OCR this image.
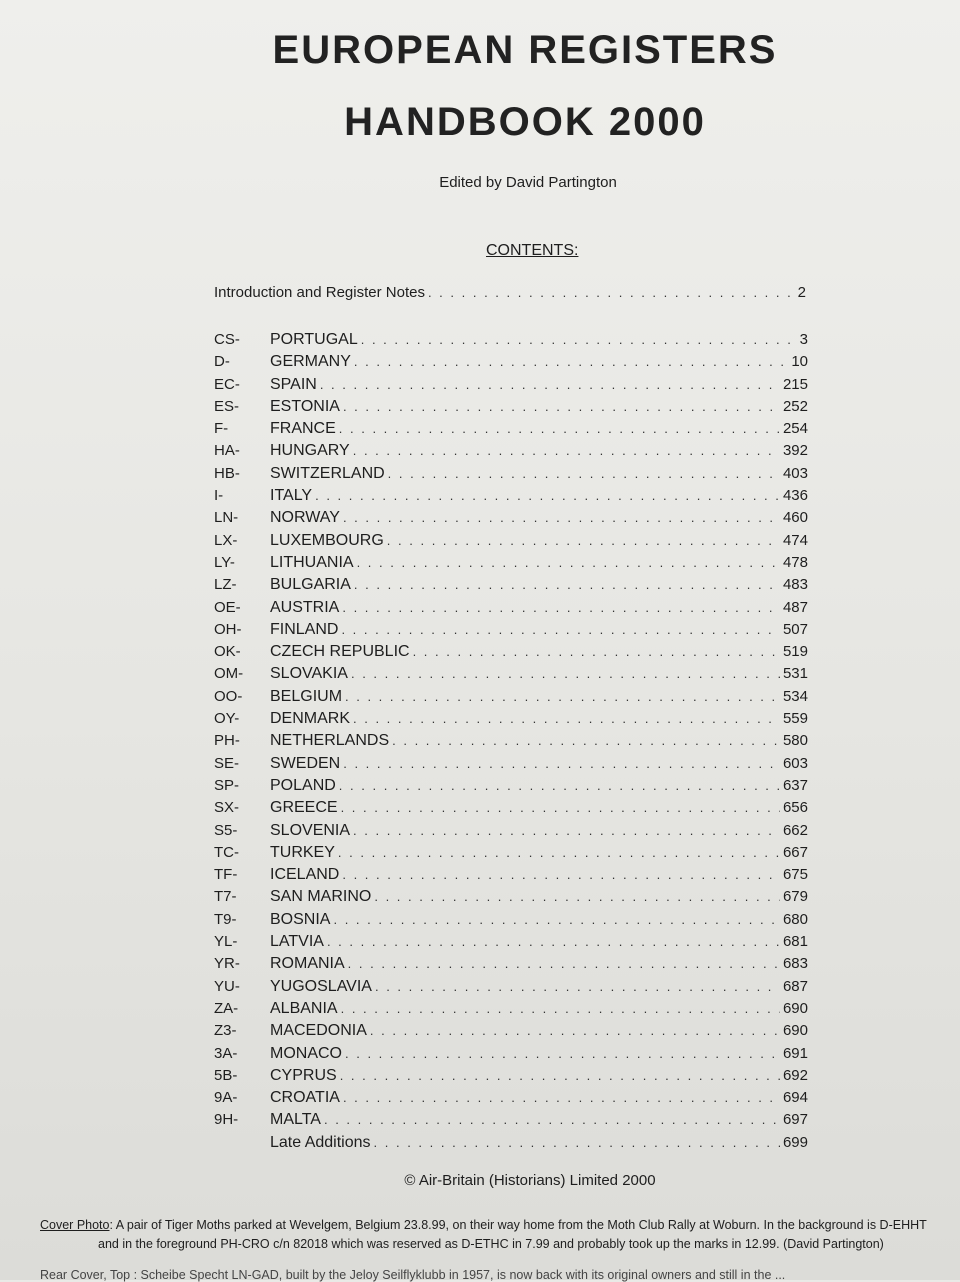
EUROPEAN REGISTERS
HANDBOOK 2000
Edited by David Partington
CONTENTS:
Introduction and Register Notes . . .	2
CS-	PORTUGAL . . .	3
D-	GERMANY . . .	10
EC-	SPAIN . . .	215
ES-	ESTONIA . . .	252
F-	FRANCE . . .	254
HA-	HUNGARY . . .	392
HB-	SWITZERLAND . . .	403
I-	ITALY . . .	436
LN-	NORWAY . . .	460
LX-	LUXEMBOURG . . .	474
LY-	LITHUANIA . . .	478
LZ-	BULGARIA . . .	483
OE-	AUSTRIA . . .	487
OH-	FINLAND . . .	507
OK-	CZECH REPUBLIC . . .	519
OM-	SLOVAKIA . . .	531
OO-	BELGIUM . . .	534
OY-	DENMARK . . .	559
PH-	NETHERLANDS . . .	580
SE-	SWEDEN . . .	603
SP-	POLAND . . .	637
SX-	GREECE . . .	656
S5-	SLOVENIA . . .	662
TC-	TURKEY . . .	667
TF-	ICELAND . . .	675
T7-	SAN MARINO . . .	679
T9-	BOSNIA . . .	680
YL-	LATVIA . . .	681
YR-	ROMANIA . . .	683
YU-	YUGOSLAVIA . . .	687
ZA-	ALBANIA . . .	690
Z3-	MACEDONIA . . .	690
3A-	MONACO . . .	691
5B-	CYPRUS . . .	692
9A-	CROATIA . . .	694
9H-	MALTA . . .	697
Late Additions . . .	699
© Air-Britain (Historians) Limited 2000
Cover Photo: A pair of Tiger Moths parked at Wevelgem, Belgium 23.8.99, on their way home from the Moth Club Rally at Woburn. In the background is D-EHHT
and in the foreground PH-CRO c/n 82018 which was reserved as D-ETHC in 7.99 and probably took up the marks in 12.99. (David Partington)
Rear Cover, Top : Scheibe Specht LN-GAD, built by the Jeloy Seilflyklubb in 1957, is now back with its original owners and still in the ...
